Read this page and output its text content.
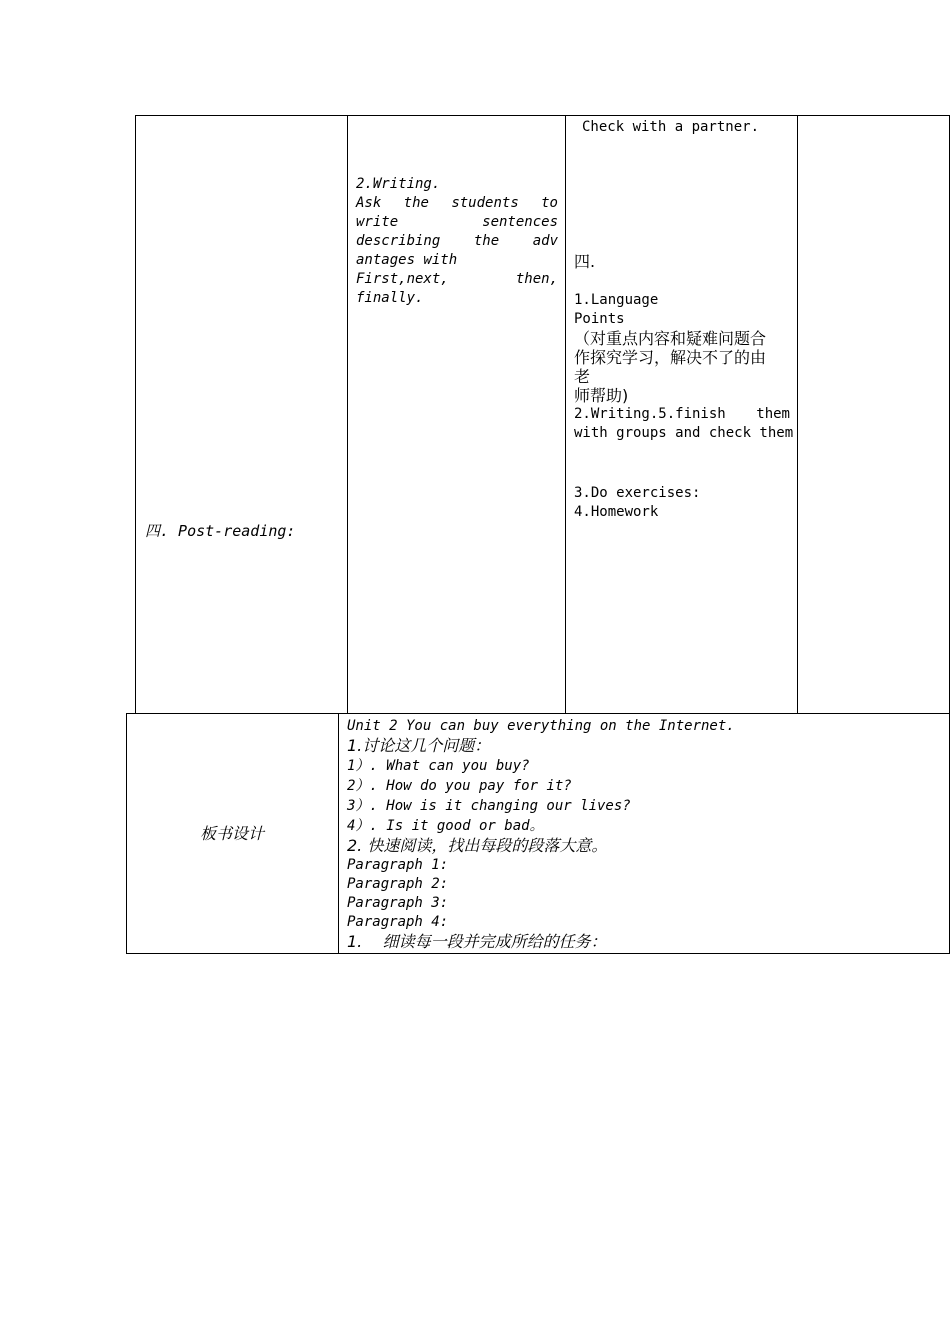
四. Post-reading:
2.Writing.
Ask the students to
write sentences
describing the adv
antages with
First,next, then,
finally.
Check with a partner.
四.
1.Language
Points
（对重点内容和疑难问题合
作探究学习，解决不了的由
老
师帮助)
2.Writing.5.finish them
with groups and check them
3.Do exercises:
4.Homework
板书设计
Unit 2 You can buy everything on the Internet.
1.讨论这几个问题：
1）. What can you buy?
2）. How do you pay for it?
3）. How is it changing our lives?
4）. Is it good or bad。
2. 快速阅读，找出每段的段落大意。
Paragraph 1:
Paragraph 2:
Paragraph 3:
Paragraph 4:
1.    细读每一段并完成所给的任务：
